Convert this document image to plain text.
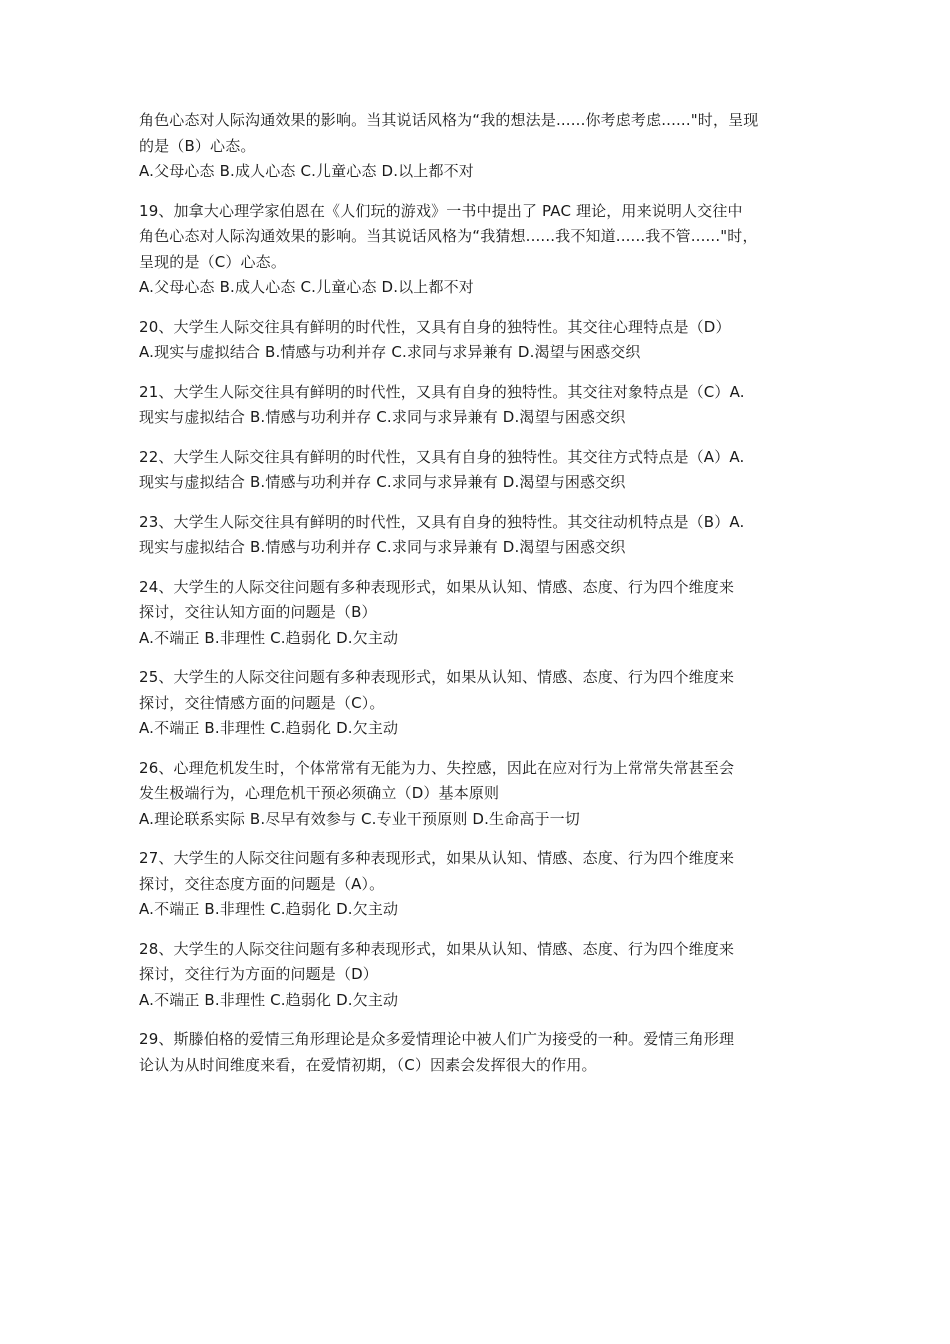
角色心态对人际沟通效果的影响。当其说话风格为“我的想法是......你考虑考虑......"时，呈现
的是（B）心态。
A.父母心态 B.成人心态 C.儿童心态 D.以上都不对
19、加拿大心理学家伯恩在《人们玩的游戏》一书中提出了 PAC 理论，用来说明人交往中
角色心态对人际沟通效果的影响。当其说话风格为“我猜想......我不知道......我不管......"时，
呈现的是（C）心态。
A.父母心态 B.成人心态 C.儿童心态 D.以上都不对
20、大学生人际交往具有鲜明的时代性，又具有自身的独特性。其交往心理特点是（D）
A.现实与虚拟结合 B.情感与功利并存 C.求同与求异兼有 D.渴望与困惑交织
21、大学生人际交往具有鲜明的时代性，又具有自身的独特性。其交往对象特点是（C）A.
现实与虚拟结合 B.情感与功利并存 C.求同与求异兼有 D.渴望与困惑交织
22、大学生人际交往具有鲜明的时代性，又具有自身的独特性。其交往方式特点是（A）A.
现实与虚拟结合 B.情感与功利并存 C.求同与求异兼有 D.渴望与困惑交织
23、大学生人际交往具有鲜明的时代性，又具有自身的独特性。其交往动机特点是（B）A.
现实与虚拟结合 B.情感与功利并存 C.求同与求异兼有 D.渴望与困惑交织
24、大学生的人际交往问题有多种表现形式，如果从认知、情感、态度、行为四个维度来
探讨，交往认知方面的问题是（B）
A.不端正 B.非理性 C.趋弱化 D.欠主动
25、大学生的人际交往问题有多种表现形式，如果从认知、情感、态度、行为四个维度来
探讨，交往情感方面的问题是（C）。
A.不端正 B.非理性 C.趋弱化 D.欠主动
26、心理危机发生时，个体常常有无能为力、失控感，因此在应对行为上常常失常甚至会
发生极端行为，心理危机干预必须确立（D）基本原则
A.理论联系实际 B.尽早有效参与 C.专业干预原则 D.生命高于一切
27、大学生的人际交往问题有多种表现形式，如果从认知、情感、态度、行为四个维度来
探讨，交往态度方面的问题是（A）。
A.不端正 B.非理性 C.趋弱化 D.欠主动
28、大学生的人际交往问题有多种表现形式，如果从认知、情感、态度、行为四个维度来
探讨，交往行为方面的问题是（D）
A.不端正 B.非理性 C.趋弱化 D.欠主动
29、斯滕伯格的爱情三角形理论是众多爱情理论中被人们广为接受的一种。爱情三角形理
论认为从时间维度来看，在爱情初期，（C）因素会发挥很大的作用。
